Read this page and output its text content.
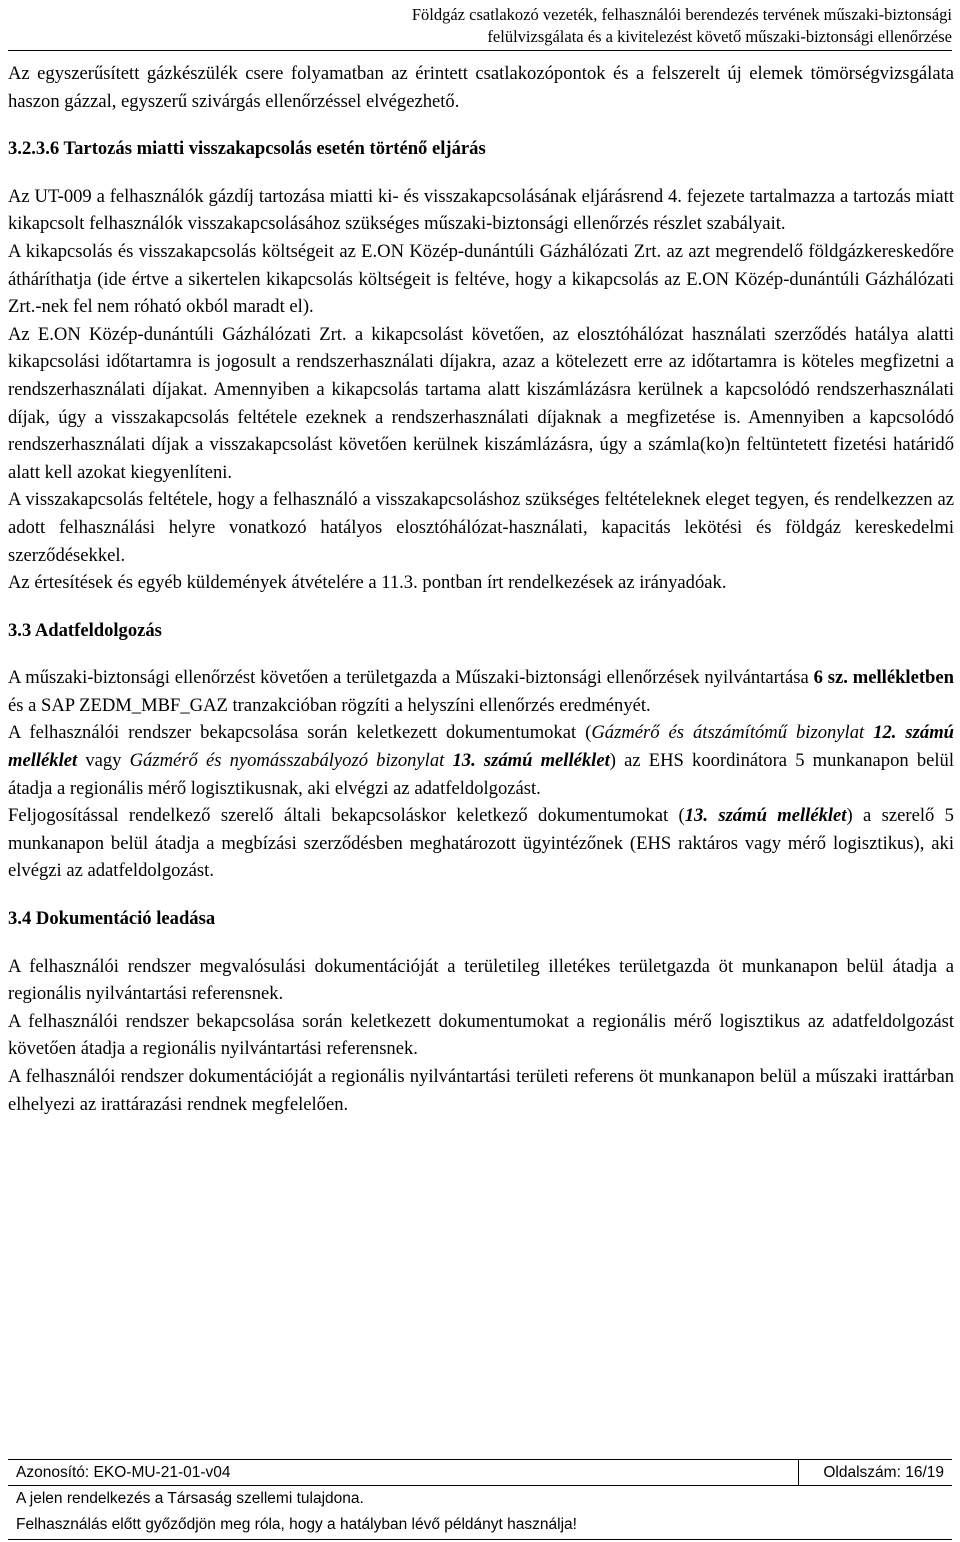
Földgáz csatlakozó vezeték, felhasználói berendezés tervének műszaki-biztonsági
felülvizsgálata és a kivitelezést követő műszaki-biztonsági ellenőrzése

Az egyszerűsített gázkészülék csere folyamatban az érintett csatlakozópontok és a felszerelt új elemek tömörségvizsgálata haszon gázzal, egyszerű szivárgás ellenőrzéssel elvégezhető.

3.2.3.6 Tartozás miatti visszakapcsolás esetén történő eljárás

Az UT-009 a felhasználók gázdíj tartozása miatti ki- és visszakapcsolásának eljárásrend 4. fejezete tartalmazza a tartozás miatt kikapcsolt felhasználók visszakapcsolásához szükséges műszaki-biztonsági ellenőrzés részlet szabályait.

A kikapcsolás és visszakapcsolás költségeit az E.ON Közép-dunántúli Gázhálózati Zrt. az azt megrendelő földgázkereskedőre átháríthatja (ide értve a sikertelen kikapcsolás költségeit is feltéve, hogy a kikapcsolás az E.ON Közép-dunántúli Gázhálózati Zrt.-nek fel nem róható okból maradt el).

Az E.ON Közép-dunántúli Gázhálózati Zrt. a kikapcsolást követően, az elosztóhálózat használati szerződés hatálya alatti kikapcsolási időtartamra is jogosult a rendszerhasználati díjakra, azaz a kötelezett erre az időtartamra is köteles megfizetni a rendszerhasználati díjakat. Amennyiben a kikapcsolás tartama alatt kiszámlázásra kerülnek a kapcsolódó rendszerhasználati díjak, úgy a visszakapcsolás feltétele ezeknek a rendszerhasználati díjaknak a megfizetése is. Amennyiben a kapcsolódó rendszerhasználati díjak a visszakapcsolást követően kerülnek kiszámlázásra, úgy a számla(ko)n feltüntetett fizetési határidő alatt kell azokat kiegyenlíteni.

A visszakapcsolás feltétele, hogy a felhasználó a visszakapcsoláshoz szükséges feltételeknek eleget tegyen, és rendelkezzen az adott felhasználási helyre vonatkozó hatályos elosztóhálózat-használati, kapacitás lekötési és földgáz kereskedelmi szerződésekkel.

Az értesítések és egyéb küldemények átvételére a 11.3. pontban írt rendelkezések az irányadóak.

3.3 Adatfeldolgozás

A műszaki-biztonsági ellenőrzést követően a területgazda a Műszaki-biztonsági ellenőrzések nyilvántartása 6 sz. mellékletben és a SAP ZEDM_MBF_GAZ tranzakcióban rögzíti a helyszíni ellenőrzés eredményét.

A felhasználói rendszer bekapcsolása során keletkezett dokumentumokat (Gázmérő és átszámítómű bizonylat 12. számú melléklet vagy Gázmérő és nyomásszabályozó bizonylat 13. számú melléklet) az EHS koordinátora 5 munkanapon belül átadja a regionális mérő logisztikusnak, aki elvégzi az adatfeldolgozást.

Feljogosítással rendelkező szerelő általi bekapcsoláskor keletkező dokumentumokat (13. számú melléklet) a szerelő 5 munkanapon belül átadja a megbízási szerződésben meghatározott ügyintézőnek (EHS raktáros vagy mérő logisztikus), aki elvégzi az adatfeldolgozást.

3.4 Dokumentáció leadása

A felhasználói rendszer megvalósulási dokumentációját a területileg illetékes területgazda öt munkanapon belül átadja a regionális nyilvántartási referensnek.

A felhasználói rendszer bekapcsolása során keletkezett dokumentumokat a regionális mérő logisztikus az adatfeldolgozást követően átadja a regionális nyilvántartási referensnek.

A felhasználói rendszer dokumentációját a regionális nyilvántartási területi referens öt munkanapon belül a műszaki irattárban elhelyezi az irattárazási rendnek megfelelően.

Azonosító: EKO-MU-21-01-v04	Oldalszám: 16/19
A jelen rendelkezés a Társaság szellemi tulajdona.
Felhasználás előtt győződjön meg róla, hogy a hatályban lévő példányt használja!
